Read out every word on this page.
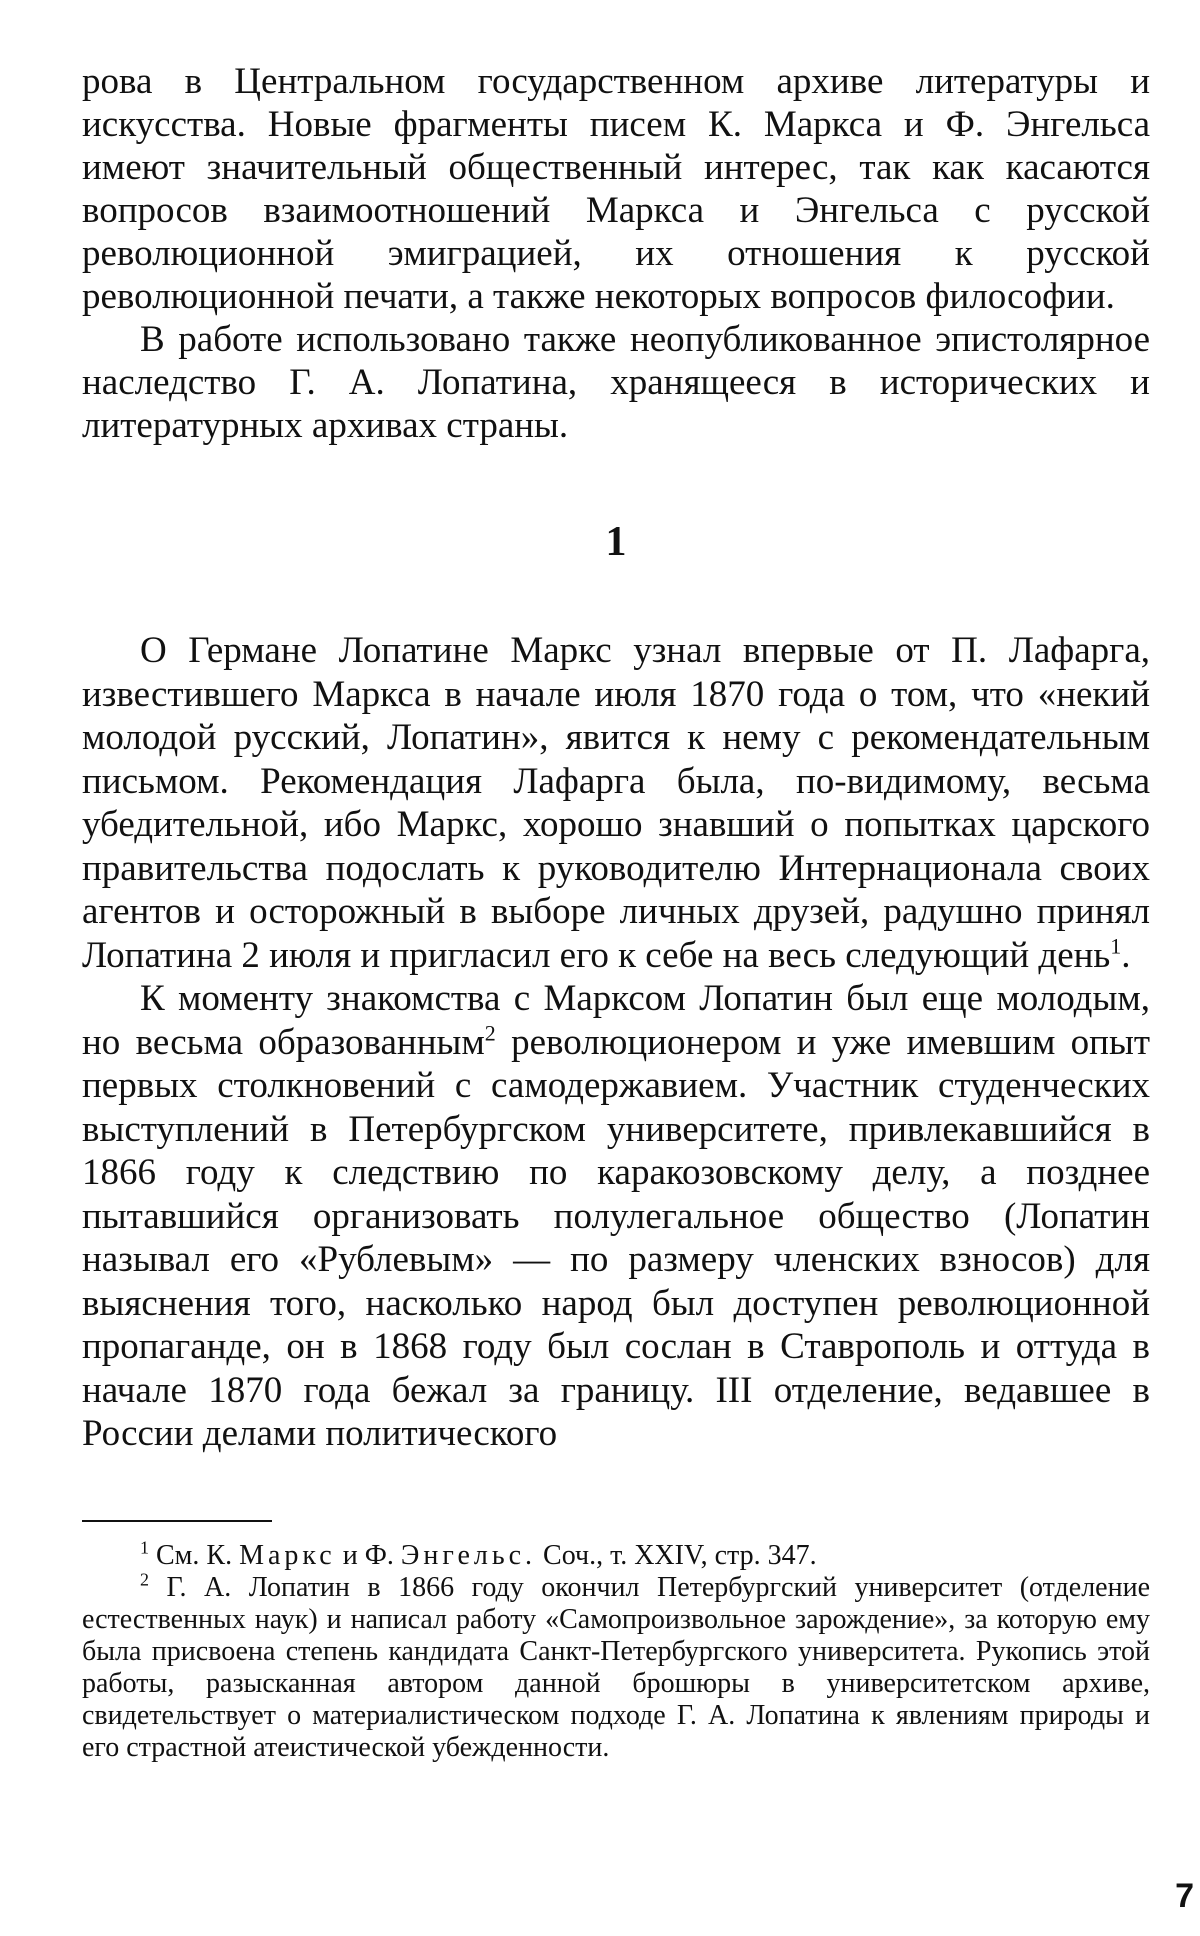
рова в Центральном государственном архиве литературы и искусства. Новые фрагменты писем К. Маркса и Ф. Энгельса имеют значительный общественный интерес, так как касаются вопросов взаимоотношений Маркса и Энгельса с русской революционной эмиграцией, их отношения к русской революционной печати, а также некоторых вопросов философии.

В работе использовано также неопубликованное эпистолярное наследство Г. А. Лопатина, хранящееся в исторических и литературных архивах страны.

1

О Германе Лопатине Маркс узнал впервые от П. Лафарга, известившего Маркса в начале июля 1870 года о том, что «некий молодой русский, Лопатин», явится к нему с рекомендательным письмом. Рекомендация Лафарга была, по-видимому, весьма убедительной, ибо Маркс, хорошо знавший о попытках царского правительства подослать к руководителю Интернационала своих агентов и осторожный в выборе личных друзей, радушно принял Лопатина 2 июля и пригласил его к себе на весь следующий день$^1$.

К моменту знакомства с Марксом Лопатин был еще молодым, но весьма образованным$^2$ революционером и уже имевшим опыт первых столкновений с самодержавием. Участник студенческих выступлений в Петербургском университете, привлекавшийся в 1866 году к следствию по каракозовскому делу, а позднее пытавшийся организовать полулегальное общество (Лопатин называл его «Рублевым» — по размеру членских взносов) для выяснения того, насколько народ был доступен революционной пропаганде, он в 1868 году был сослан в Ставрополь и оттуда в начале 1870 года бежал за границу. III отделение, ведавшее в России делами политического

$^1$ См. К. Маркс и Ф. Энгельс. Соч., т. XXIV, стр. 347.

$^2$ Г. А. Лопатин в 1866 году окончил Петербургский университет (отделение естественных наук) и написал работу «Самопроизвольное зарождение», за которую ему была присвоена степень кандидата Санкт-Петербургского университета. Рукопись этой работы, разысканная автором данной брошюры в университетском архиве, свидетельствует о материалистическом подходе Г. А. Лопатина к явлениям природы и его страстной атеистической убежденности.

7
